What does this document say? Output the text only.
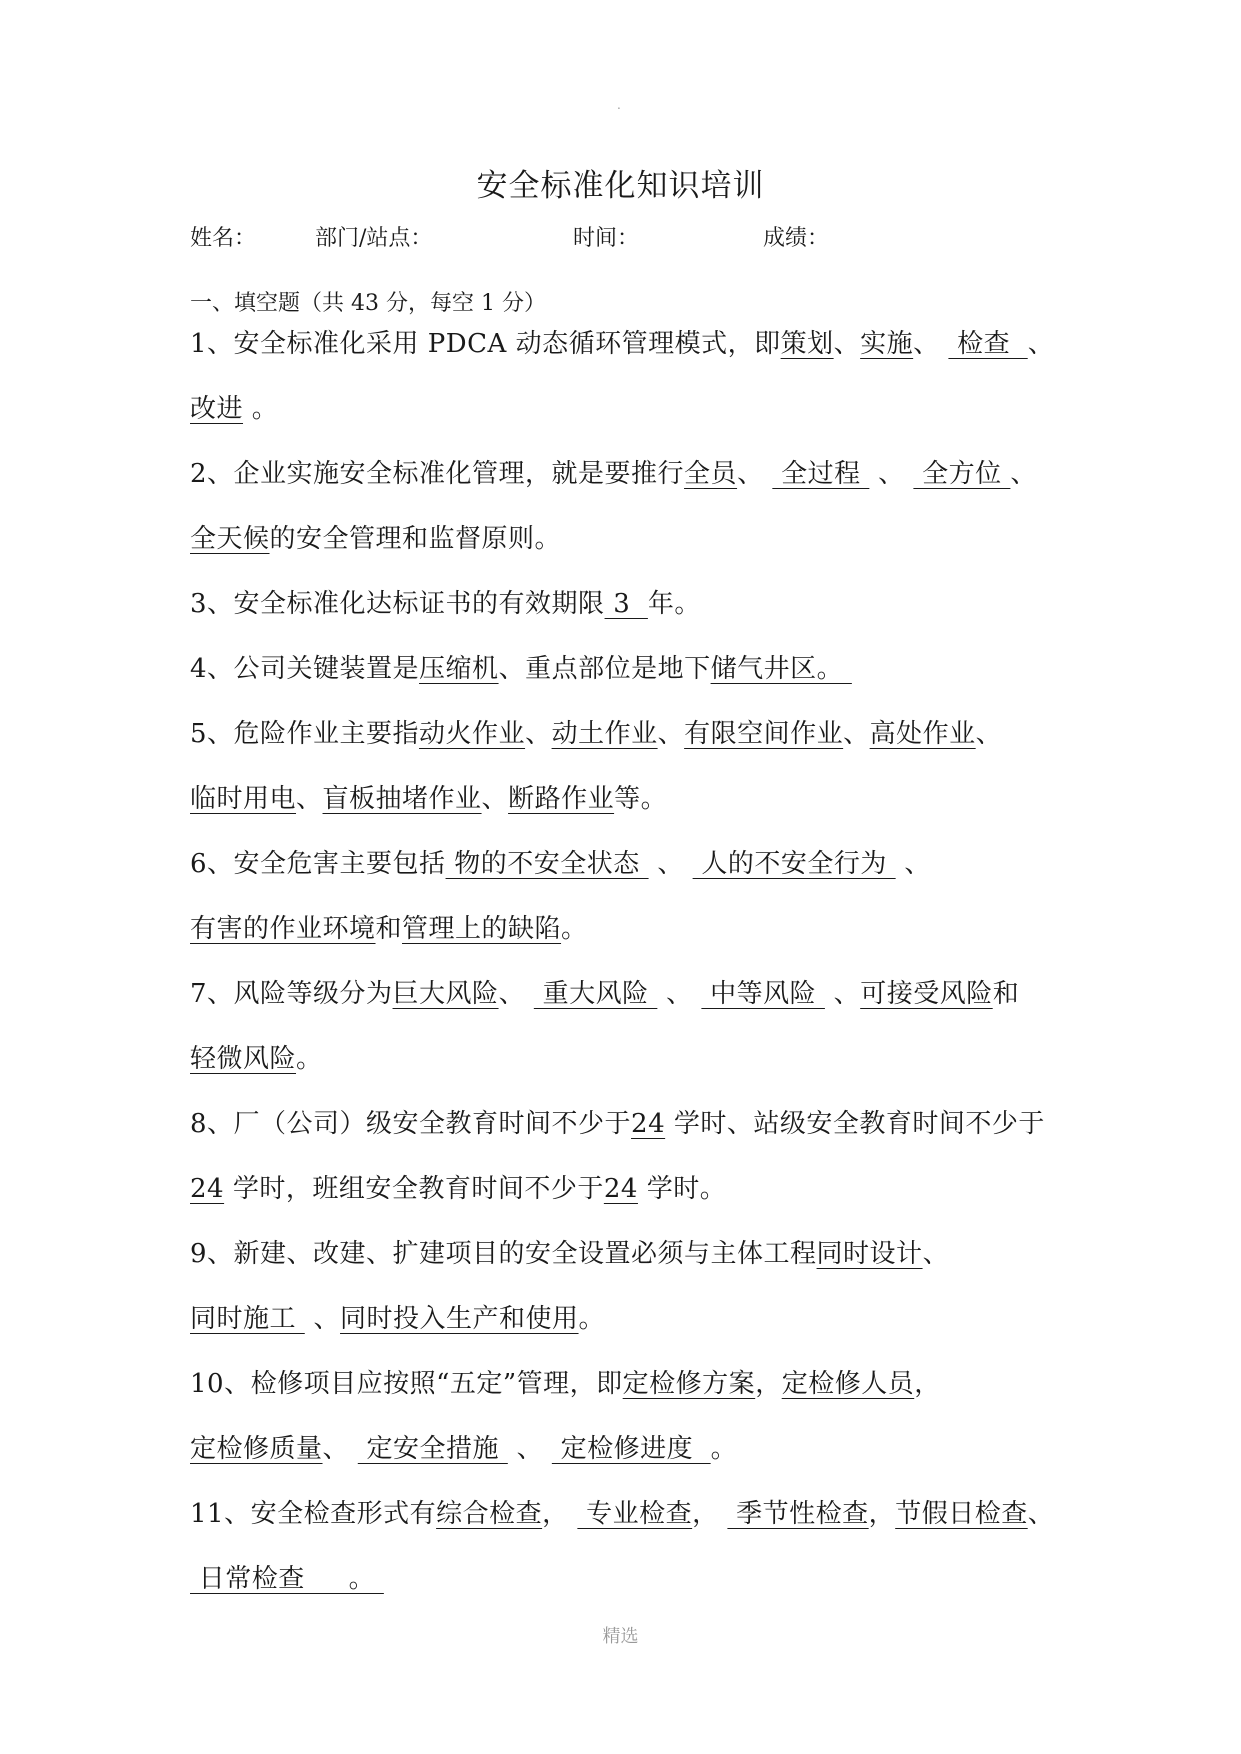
.
安全标准化知识培训
姓名：	部门/站点：	时间：	成绩：
一、填空题（共 43 分，每空 1 分）

1、安全标准化采用 PDCA 动态循环管理模式，即策划、实施、  检查  、改进 。

2、企业实施安全标准化管理，就是要推行全员、  全过程  、  全方位 、全天候的安全管理和监督原则。

3、安全标准化达标证书的有效期限 3  年。

4、公司关键装置是压缩机、重点部位是地下储气井区。

5、危险作业主要指动火作业、动土作业、有限空间作业、高处作业、临时用电、盲板抽堵作业、断路作业等。

6、安全危害主要包括 物的不安全状态  、  人的不安全行为  、有害的作业环境和管理上的缺陷。

7、风险等级分为巨大风险、  重大风险  、  中等风险  、可接受风险和轻微风险。

8、厂（公司）级安全教育时间不少于24 学时、站级安全教育时间不少于 24 学时，班组安全教育时间不少于24 学时。

9、新建、改建、扩建项目的安全设置必须与主体工程同时设计、 同时施工  、同时投入生产和使用。

10、检修项目应按照“五定”管理，即定检修方案，定检修人员，定检修质量、  定安全措施  、  定检修进度  。

11、安全检查形式有综合检查，  专业检查，  季节性检查，节假日检查、  日常检查     。

精选
